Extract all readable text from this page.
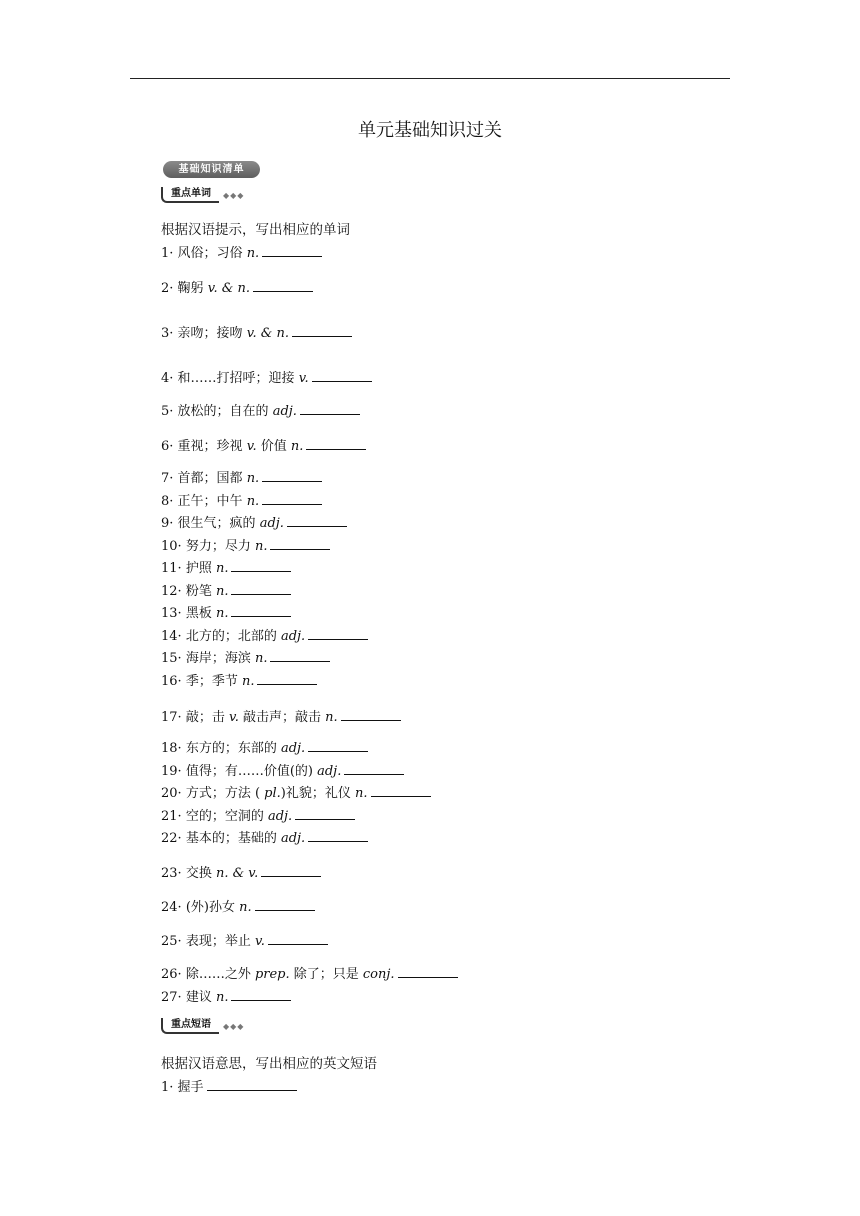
单元基础知识过关
基础知识清单
重点单词	◆◆◆
根据汉语提示，写出相应的单词
1· 风俗；习俗 n.
2· 鞠躬 v. & n.
3· 亲吻；接吻 v. & n.
4· 和……打招呼；迎接 v.
5· 放松的；自在的 adj.
6· 重视；珍视 v. 价值 n.
7· 首都；国都 n.
8· 正午；中午 n.
9· 很生气；疯的 adj.
10· 努力；尽力 n.
11· 护照 n.
12· 粉笔 n.
13· 黑板 n.
14· 北方的；北部的 adj.
15· 海岸；海滨 n.
16· 季；季节 n.
17· 敲；击 v. 敲击声；敲击 n.
18· 东方的；东部的 adj.
19· 值得；有……价值(的) adj.
20· 方式；方法 ( pl.)礼貌；礼仪 n.
21· 空的；空洞的 adj.
22· 基本的；基础的 adj.
23· 交换 n. & v.
24· (外)孙女 n.
25· 表现；举止 v.
26· 除……之外 prep. 除了；只是 conj.
27· 建议 n.
重点短语	◆◆◆
根据汉语意思，写出相应的英文短语
1· 握手
